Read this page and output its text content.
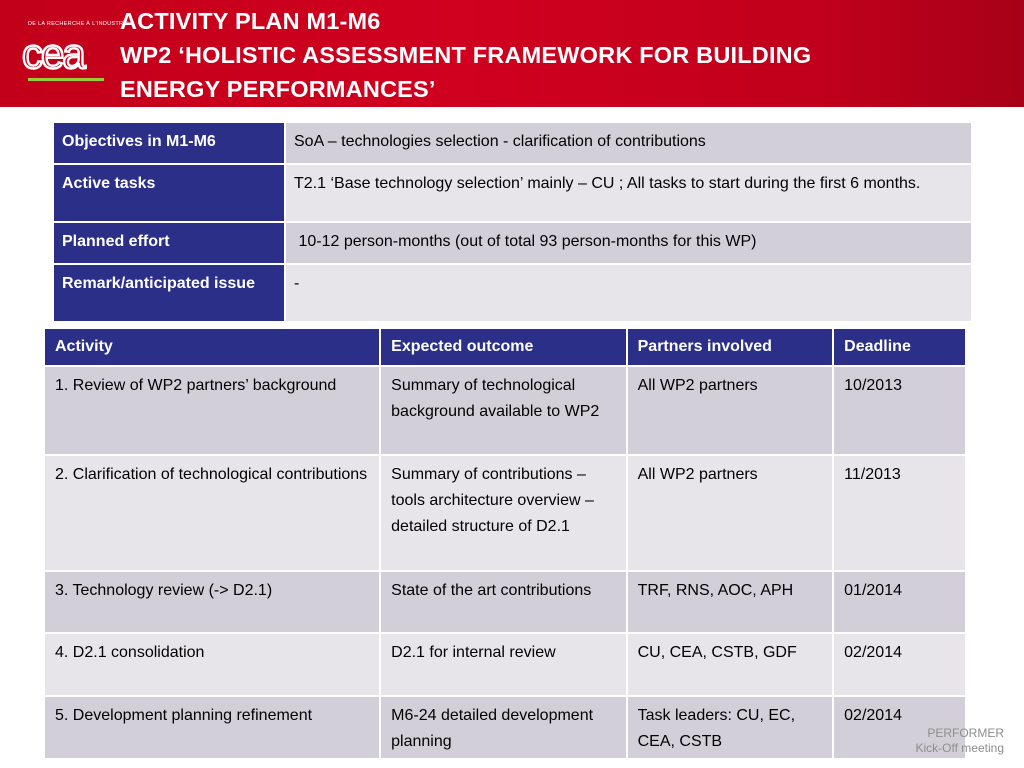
DE LA RECHERCHE À L'INDUSTRIE
cea
ACTIVITY PLAN M1-M6
WP2 ‘HOLISTIC ASSESSMENT FRAMEWORK FOR BUILDING
ENERGY PERFORMANCES’
Objectives in M1-M6	SoA – technologies selection - clarification of contributions
Active tasks	T2.1 ‘Base technology selection’ mainly – CU ; All tasks to start during the first 6 months.
Planned effort	10-12 person-months (out of total 93 person-months for this WP)
Remark/anticipated issue	-
Activity	Expected outcome	Partners involved	Deadline
1. Review of WP2 partners’ background	Summary of technological background available to WP2	All WP2 partners	10/2013
2. Clarification of technological contributions	Summary of contributions – tools architecture overview – detailed structure of D2.1	All WP2 partners	11/2013
3. Technology review (-> D2.1)	State of the art contributions	TRF, RNS, AOC, APH	01/2014
4. D2.1 consolidation	D2.1 for internal review	CU, CEA, CSTB, GDF	02/2014
5. Development planning refinement	M6-24 detailed development planning	Task leaders: CU, EC, CEA, CSTB	02/2014
PERFORMER
Kick-Off meeting
